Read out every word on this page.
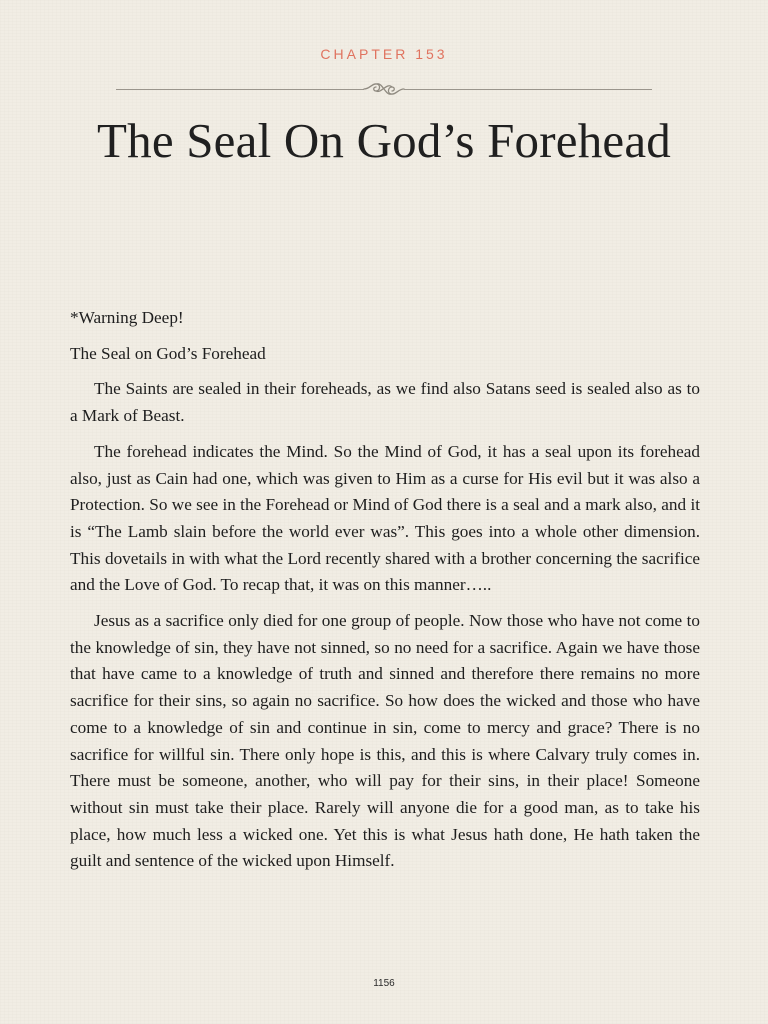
CHAPTER 153
The Seal On God’s Forehead

*Warning Deep!

The Seal on God’s Forehead

The Saints are sealed in their foreheads, as we find also Satans seed is sealed also as to a Mark of Beast.

The forehead indicates the Mind. So the Mind of God, it has a seal upon its forehead also, just as Cain had one, which was given to Him as a curse for His evil but it was also a Protection. So we see in the Forehead or Mind of God there is a seal and a mark also, and it is “The Lamb slain before the world ever was”. This goes into a whole other dimension. This dovetails in with what the Lord recently shared with a brother concerning the sacrifice and the Love of God. To recap that, it was on this manner…..

Jesus as a sacrifice only died for one group of people. Now those who have not come to the knowledge of sin, they have not sinned, so no need for a sacrifice. Again we have those that have came to a knowledge of truth and sinned and therefore there remains no more sacrifice for their sins, so again no sacrifice. So how does the wicked and those who have come to a knowledge of sin and continue in sin, come to mercy and grace? There is no sacrifice for willful sin. There only hope is this, and this is where Calvary truly comes in. There must be someone, another, who will pay for their sins, in their place! Someone without sin must take their place. Rarely will anyone die for a good man, as to take his place, how much less a wicked one. Yet this is what Jesus hath done, He hath taken the guilt and sentence of the wicked upon Himself.

1156
